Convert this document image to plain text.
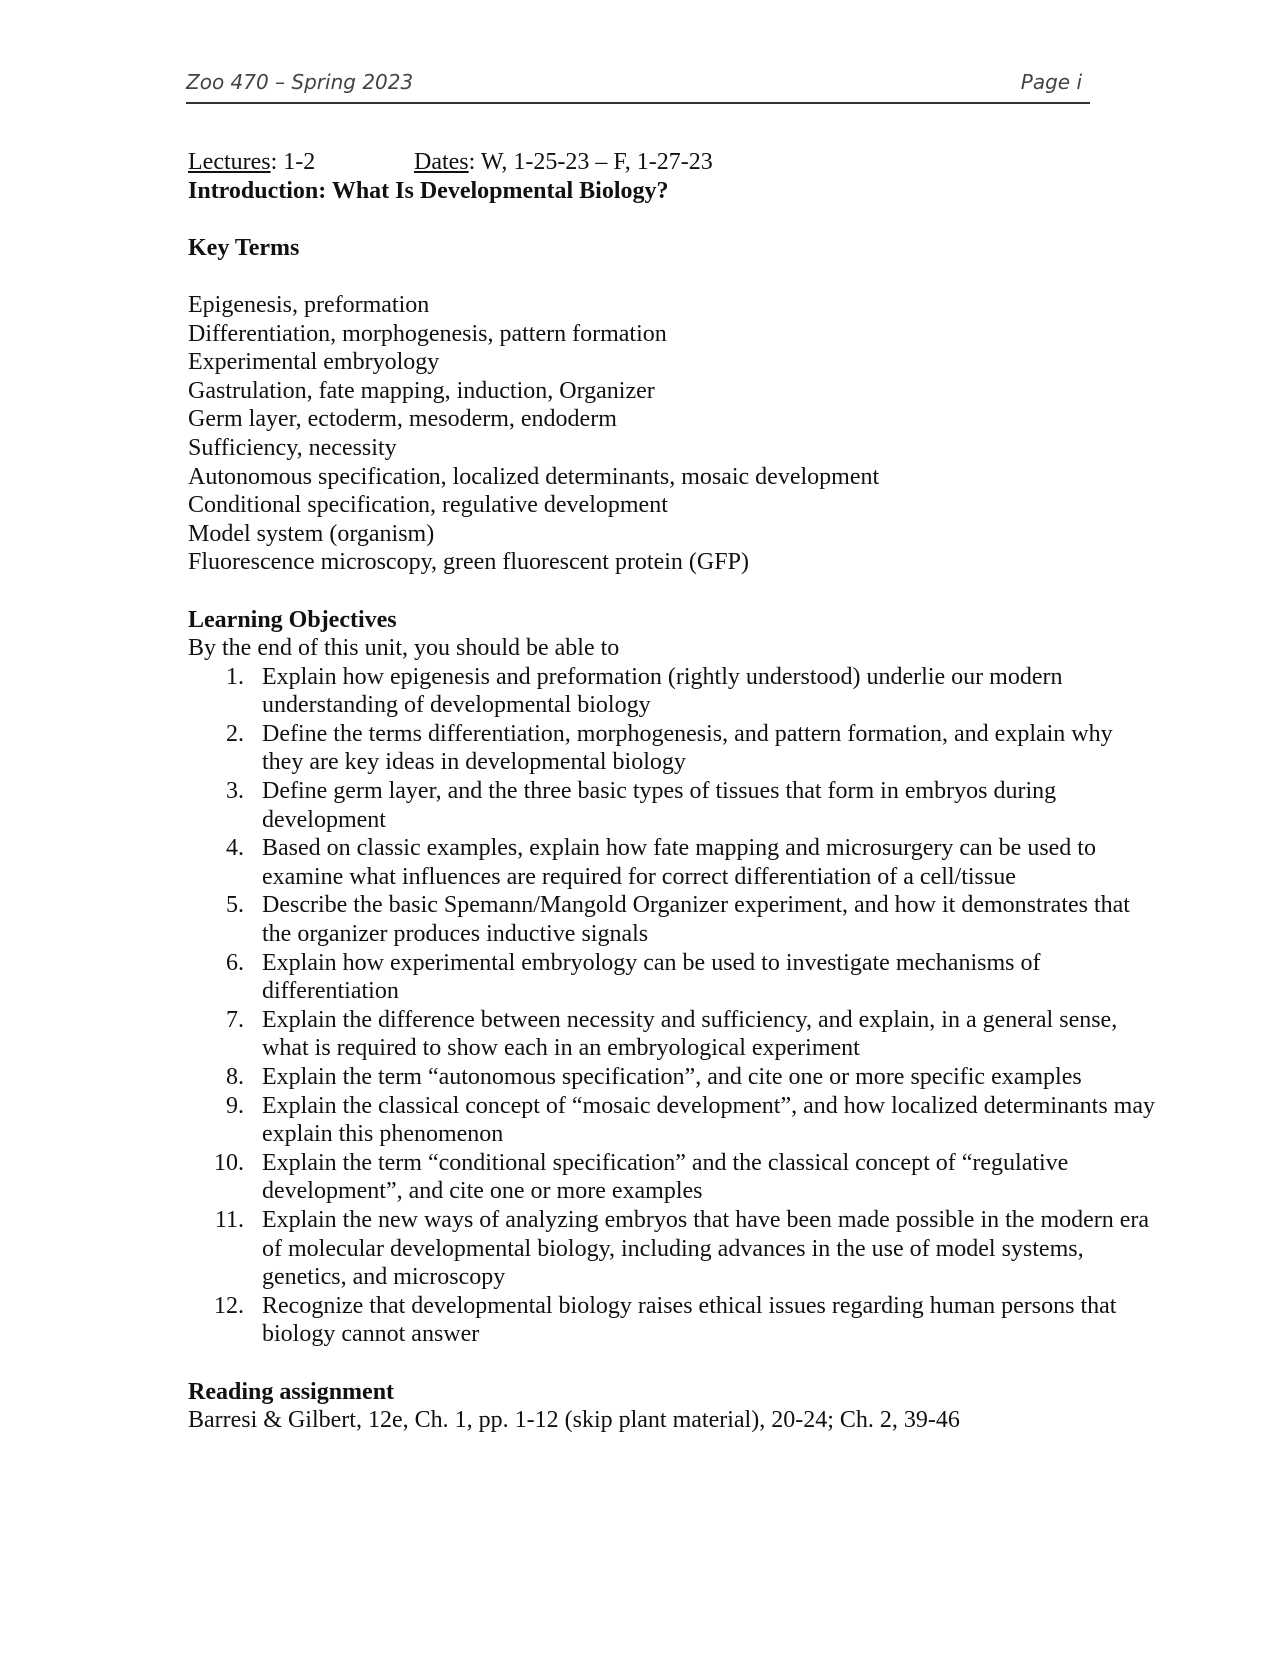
Zoo 470 – Spring 2023	Page i

Lectures: 1-2	Dates: W, 1-25-23 – F, 1-27-23

Introduction: What Is Developmental Biology?

Key Terms

Epigenesis, preformation
Differentiation, morphogenesis, pattern formation
Experimental embryology
Gastrulation, fate mapping, induction, Organizer
Germ layer, ectoderm, mesoderm, endoderm
Sufficiency, necessity
Autonomous specification, localized determinants, mosaic development
Conditional specification, regulative development
Model system (organism)
Fluorescence microscopy, green fluorescent protein (GFP)

Learning Objectives

By the end of this unit, you should be able to

1. Explain how epigenesis and preformation (rightly understood) underlie our modern understanding of developmental biology
2. Define the terms differentiation, morphogenesis, and pattern formation, and explain why they are key ideas in developmental biology
3. Define germ layer, and the three basic types of tissues that form in embryos during development
4. Based on classic examples, explain how fate mapping and microsurgery can be used to examine what influences are required for correct differentiation of a cell/tissue
5. Describe the basic Spemann/Mangold Organizer experiment, and how it demonstrates that the organizer produces inductive signals
6. Explain how experimental embryology can be used to investigate mechanisms of differentiation
7. Explain the difference between necessity and sufficiency, and explain, in a general sense, what is required to show each in an embryological experiment
8. Explain the term “autonomous specification”, and cite one or more specific examples
9. Explain the classical concept of “mosaic development”, and how localized determinants may explain this phenomenon
10. Explain the term “conditional specification” and the classical concept of “regulative development”, and cite one or more examples
11. Explain the new ways of analyzing embryos that have been made possible in the modern era of molecular developmental biology, including advances in the use of model systems, genetics, and microscopy
12. Recognize that developmental biology raises ethical issues regarding human persons that biology cannot answer

Reading assignment

Barresi & Gilbert, 12e, Ch. 1, pp. 1-12 (skip plant material), 20-24; Ch. 2, 39-46
